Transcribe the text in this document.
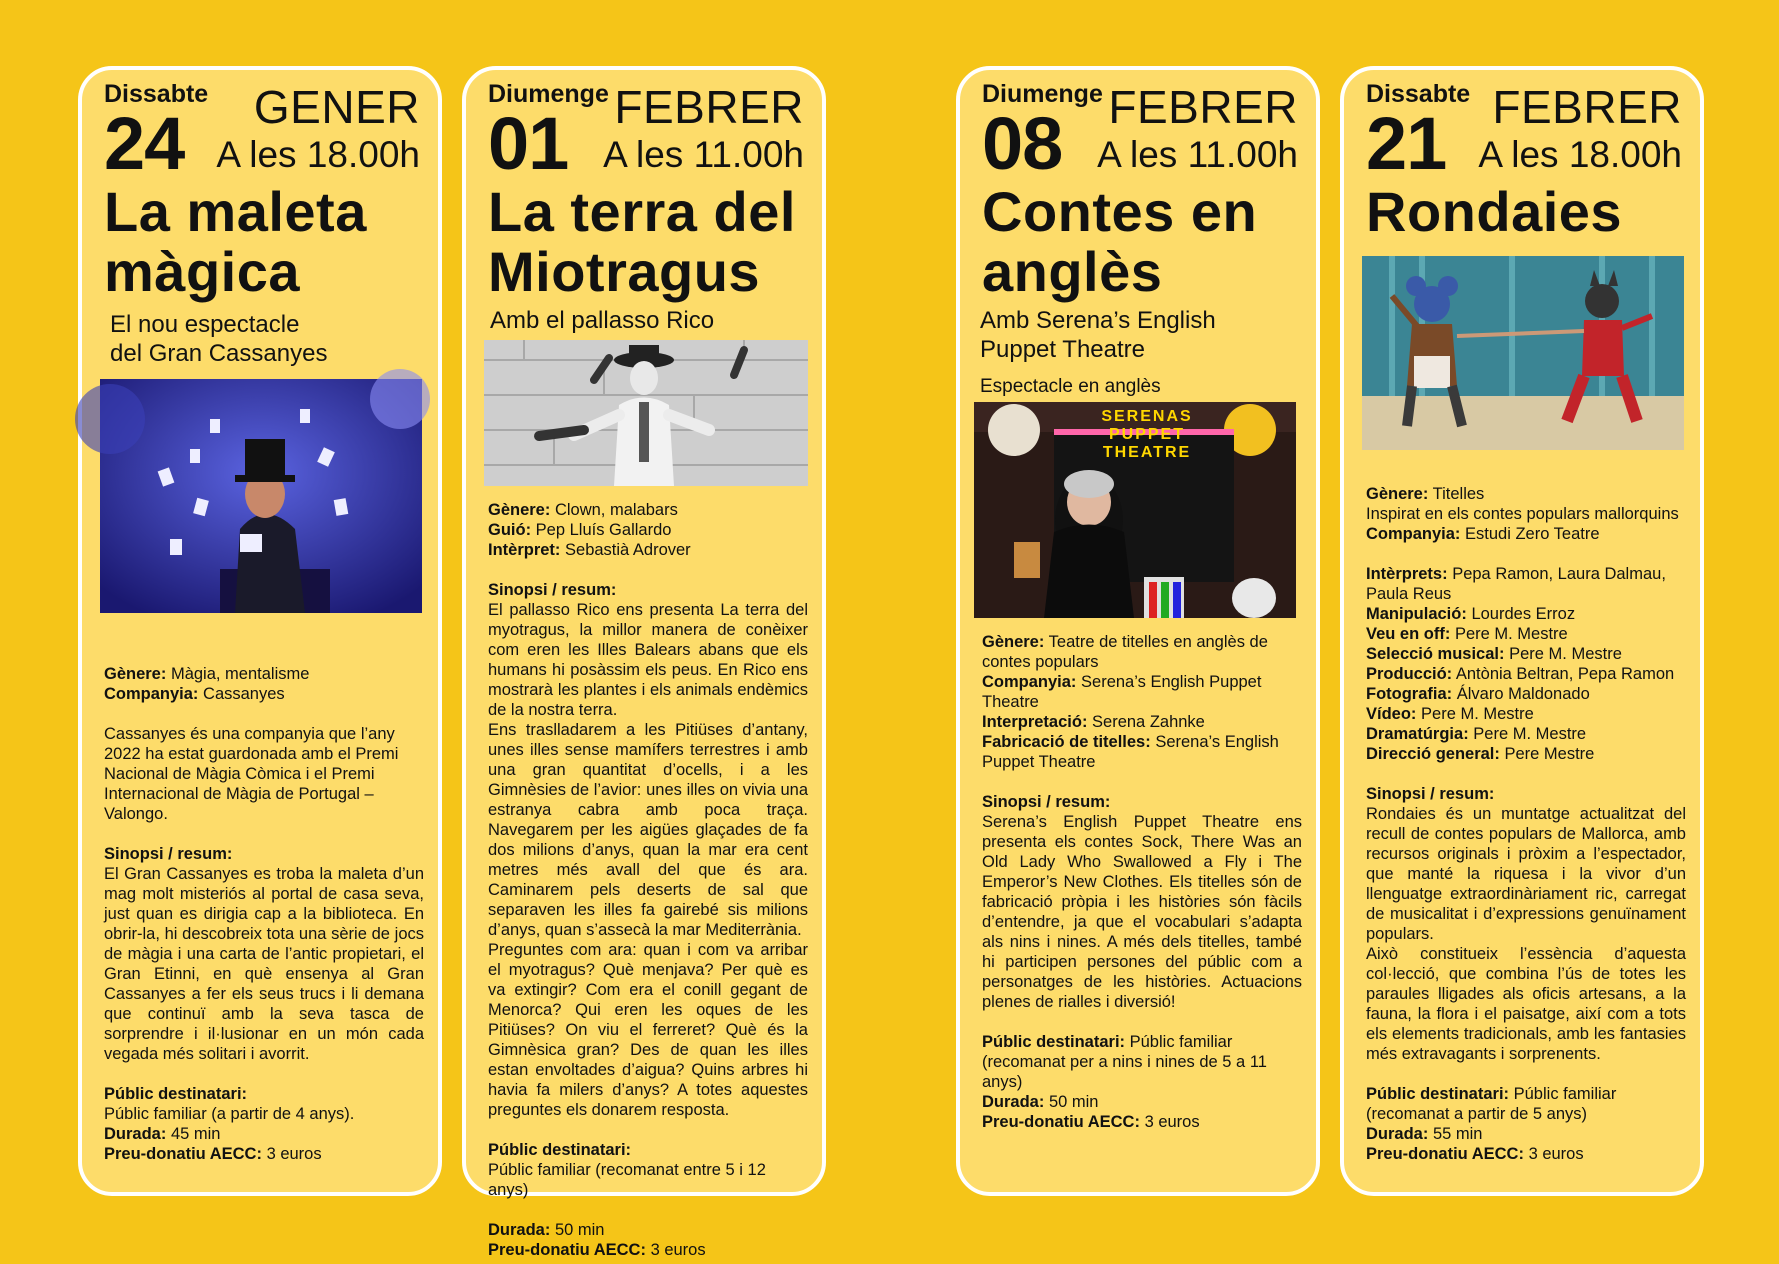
Dissabte GENER
24 A les 18.00h
La maleta
màgica
El nou espectacle
del Gran Cassanyes
Gènere: Màgia, mentalisme
Companyia: Cassanyes
Cassanyes és una companyia que l’any 2022 ha estat guardonada amb el Premi Nacional de Màgia Còmica i el Premi Internacional de Màgia de Portugal – Valongo.
Sinopsi / resum:
El Gran Cassanyes es troba la maleta d’un mag molt misteriós al portal de casa seva, just quan es dirigia cap a la biblioteca. En obrir-la, hi descobreix tota una sèrie de jocs de màgia i una carta de l’antic propietari, el Gran Etinni, en què ensenya al Gran Cassanyes a fer els seus trucs i li demana que continuï amb la seva tasca de sorprendre i il·lusionar en un món cada vegada més solitari i avorrit.
Públic destinatari:
Públic familiar (a partir de 4 anys).
Durada: 45 min
Preu-donatiu AECC: 3 euros
Diumenge FEBRER
01 A les 11.00h
La terra del
Miotragus
Amb el pallasso Rico
Gènere: Clown, malabars
Guió: Pep Lluís Gallardo
Intèrpret: Sebastià Adrover
Sinopsi / resum:
El pallasso Rico ens presenta La terra del myotragus, la millor manera de conèixer com eren les Illes Balears abans que els humans hi posàssim els peus. En Rico ens mostrarà les plantes i els animals endèmics de la nostra terra.
Ens traslladarem a les Pitiüses d’antany, unes illes sense mamífers terrestres i amb una gran quantitat d’ocells, i a les Gimnèsies de l’avior: unes illes on vivia una estranya cabra amb poca traça. Navegarem per les aigües glaçades de fa dos milions d’anys, quan la mar era cent metres més avall del que és ara. Caminarem pels deserts de sal que separaven les illes fa gairebé sis milions d’anys, quan s’assecà la mar Mediterrània.
Preguntes com ara: quan i com va arribar el myotragus? Què menjava? Per què es va extingir? Com era el conill gegant de Menorca? Qui eren les oques de les Pitiüses? On viu el ferreret? Què és la Gimnèsica gran? Des de quan les illes estan envoltades d’aigua? Quins arbres hi havia fa milers d’anys? A totes aquestes preguntes els donarem resposta.
Públic destinatari:
Públic familiar (recomanat entre 5 i 12 anys)
Durada: 50 min
Preu-donatiu AECC: 3 euros
Diumenge FEBRER
08 A les 11.00h
Contes en
anglès
Amb Serena’s English
Puppet Theatre
Espectacle en anglès
SERENAS PUPPET THEATRE
Gènere: Teatre de titelles en anglès de contes populars
Companyia: Serena’s English Puppet Theatre
Interpretació: Serena Zahnke
Fabricació de titelles: Serena’s English Puppet Theatre
Sinopsi / resum:
Serena’s English Puppet Theatre ens presenta els contes Sock, There Was an Old Lady Who Swallowed a Fly i The Emperor’s New Clothes. Els titelles són de fabricació pròpia i les històries són fàcils d’entendre, ja que el vocabulari s’adapta als nins i nines. A més dels titelles, també hi participen persones del públic com a personatges de les històries. Actuacions plenes de rialles i diversió!
Públic destinatari: Públic familiar (recomanat per a nins i nines de 5 a 11 anys)
Durada: 50 min
Preu-donatiu AECC: 3 euros
Dissabte FEBRER
21 A les 18.00h
Rondaies
Gènere: Titelles
Inspirat en els contes populars mallorquins
Companyia: Estudi Zero Teatre
Intèrprets: Pepa Ramon, Laura Dalmau, Paula Reus
Manipulació: Lourdes Erroz
Veu en off: Pere M. Mestre
Selecció musical: Pere M. Mestre
Producció: Antònia Beltran, Pepa Ramon
Fotografia: Álvaro Maldonado
Vídeo: Pere M. Mestre
Dramatúrgia: Pere M. Mestre
Direcció general: Pere Mestre
Sinopsi / resum:
Rondaies és un muntatge actualitzat del recull de contes populars de Mallorca, amb recursos originals i pròxim a l’espectador, que manté la riquesa i la vivor d’un llenguatge extraordinàriament ric, carregat de musicalitat i d’expressions genuïnament populars.
Això constitueix l’essència d’aquesta col·lecció, que combina l’ús de totes les paraules lligades als oficis artesans, a la fauna, la flora i el paisatge, així com a tots els elements tradicionals, amb les fantasies més extravagants i sorprenents.
Públic destinatari: Públic familiar (recomanat a partir de 5 anys)
Durada: 55 min
Preu-donatiu AECC: 3 euros
